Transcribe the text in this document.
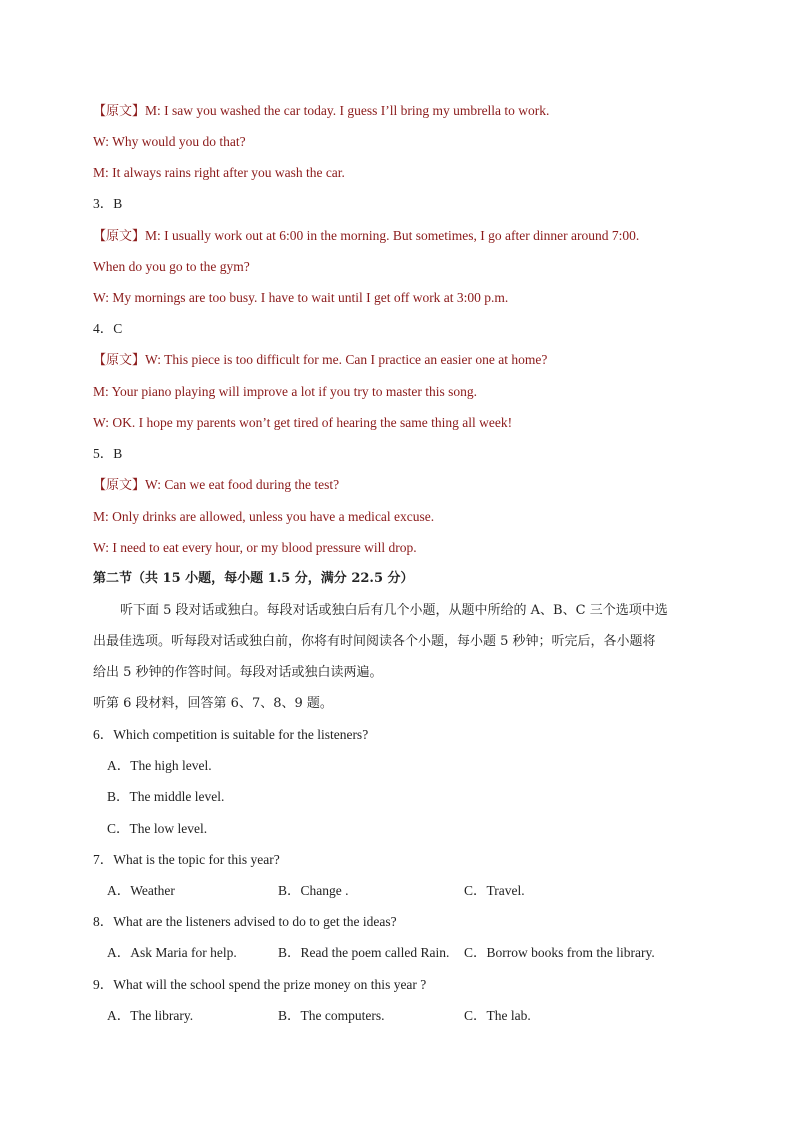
【原文】M: I saw you washed the car today. I guess I’ll bring my umbrella to work.
W: Why would you do that?
M: It always rains right after you wash the car.
3．B
【原文】M: I usually work out at 6:00 in the morning. But sometimes, I go after dinner around 7:00.
When do you go to the gym?
W: My mornings are too busy. I have to wait until I get off work at 3:00 p.m.
4．C
【原文】W: This piece is too difficult for me. Can I practice an easier one at home?
M: Your piano playing will improve a lot if you try to master this song.
W: OK. I hope my parents won’t get tired of hearing the same thing all week!
5．B
【原文】W: Can we eat food during the test?
M: Only drinks are allowed, unless you have a medical excuse.
W: I need to eat every hour, or my blood pressure will drop.
第二节（共 15 小题，每小题 1.5 分，满分 22.5 分）
听下面 5 段对话或独白。每段对话或独白后有几个小题，从题中所给的 A、B、C 三个选项中选
出最佳选项。听每段对话或独白前，你将有时间阅读各个小题，每小题 5 秒钟；听完后，各小题将
给出 5 秒钟的作答时间。每段对话或独白读两遍。
听第 6 段材料，回答第 6、7、8、9 题。
6．Which competition is suitable for the listeners?
A．The high level.
B．The middle level.
C．The low level.
7．What is the topic for this year?
A．Weather	B．Change .	C．Travel.
8．What are the listeners advised to do to get the ideas?
A．Ask Maria for help.	B．Read the poem called Rain. C．Borrow books from the library.
9．What will the school spend the prize money on this year ?
A．The library.	B．The computers.	C．The lab.
